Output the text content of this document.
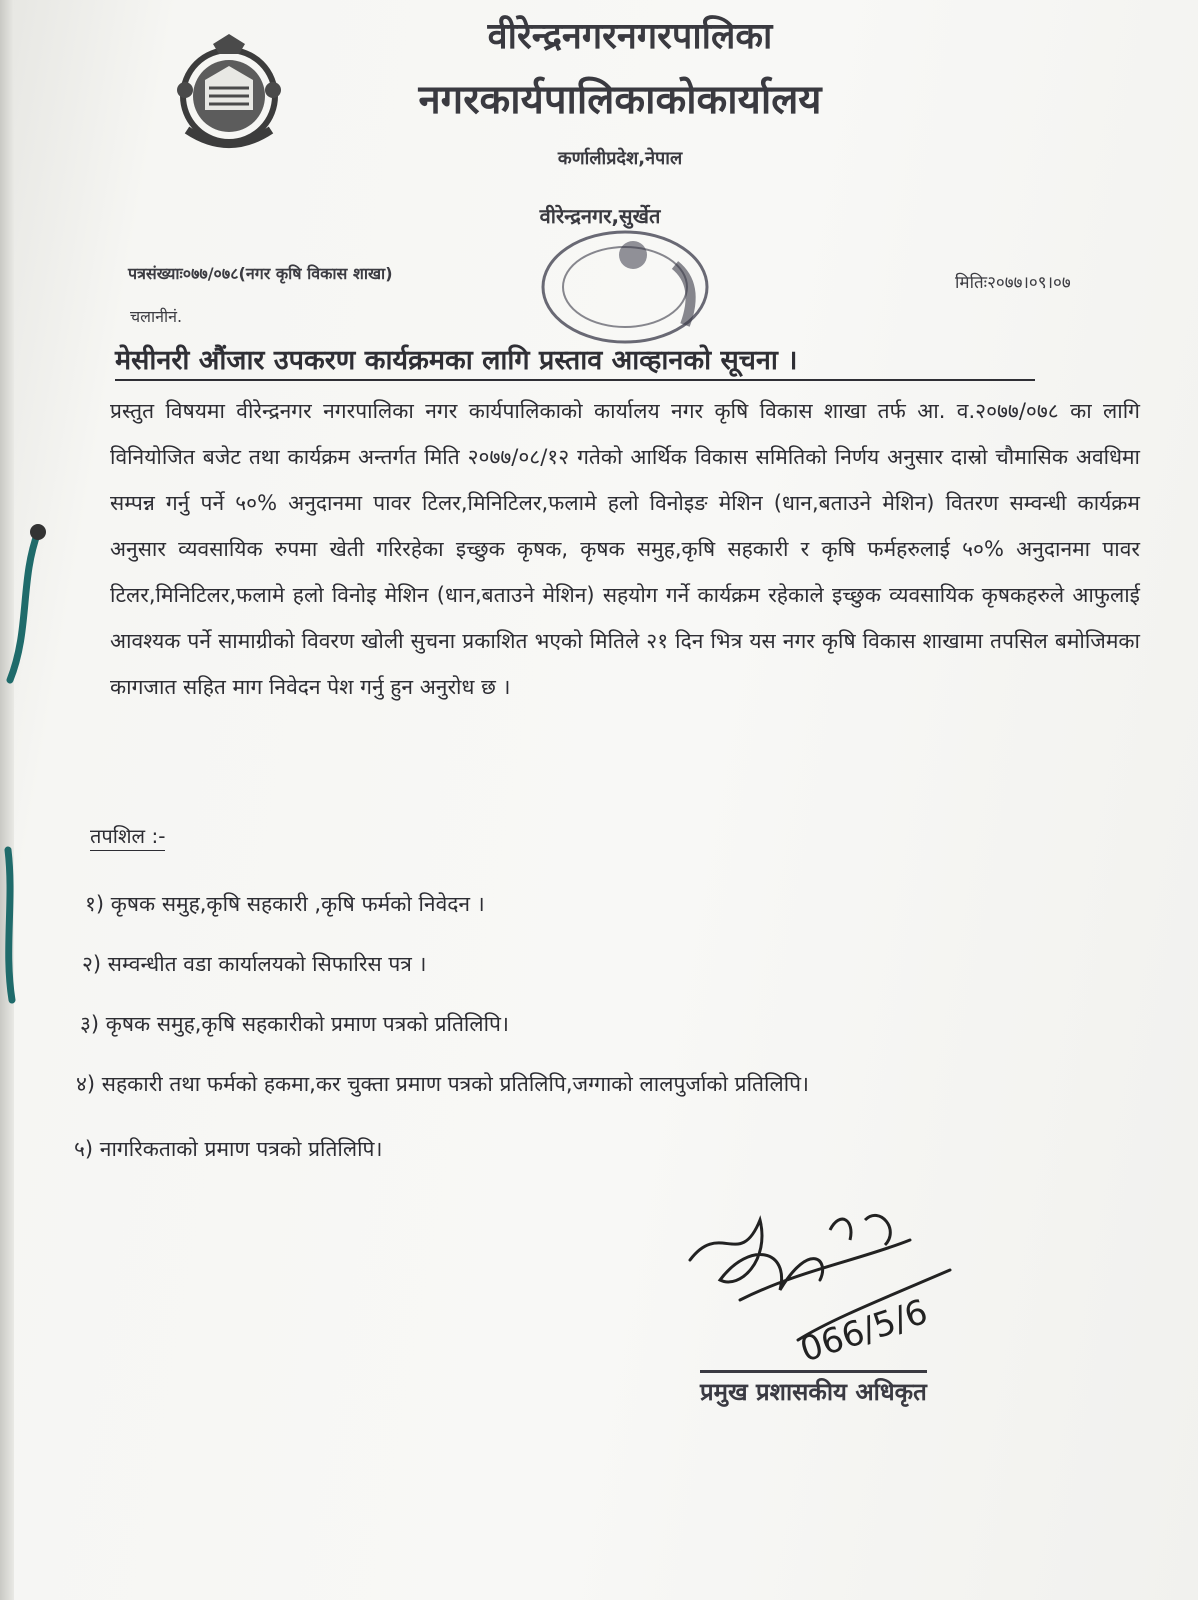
वीरेन्द्रनगरनगरपालिका
नगरकार्यपालिकाकोकार्यालय
कर्णालीप्रदेश,नेपाल
वीरेन्द्रनगर,सुर्खेत
पत्रसंख्याः०७७/०७८(नगर कृषि विकास शाखा)
चलानीनं.
मितिः२०७७।०९।०७
मेसीनरी औंजार उपकरण कार्यक्रमका लागि प्रस्ताव आव्हानको सूचना ।
प्रस्तुत विषयमा वीरेन्द्रनगर नगरपालिका नगर कार्यपालिकाको कार्यालय नगर कृषि विकास शाखा तर्फ आ. व.२०७७/०७८ का लागि विनियोजित बजेट तथा कार्यक्रम अन्तर्गत मिति २०७७/०८/१२ गतेको आर्थिक विकास समितिको निर्णय अनुसार दास्रो चौमासिक अवधिमा सम्पन्न गर्नु पर्ने ५०% अनुदानमा पावर टिलर,मिनिटिलर,फलामे हलो विनोइङ मेशिन (धान,बताउने मेशिन) वितरण सम्वन्धी कार्यक्रम अनुसार व्यवसायिक रुपमा खेती गरिरहेका इच्छुक कृषक, कृषक समुह,कृषि सहकारी र कृषि फर्महरुलाई ५०% अनुदानमा पावर टिलर,मिनिटिलर,फलामे हलो विनोइ मेशिन (धान,बताउने मेशिन) सहयोग गर्ने कार्यक्रम रहेकाले इच्छुक व्यवसायिक कृषकहरुले आफुलाई आवश्यक पर्ने सामाग्रीको विवरण खोली सुचना प्रकाशित भएको मितिले २१ दिन भित्र यस नगर कृषि विकास शाखामा तपसिल बमोजिमका कागजात सहित माग निवेदन पेश गर्नु हुन अनुरोध छ ।
तपशिल :-
१) कृषक समुह,कृषि सहकारी ,कृषि फर्मको निवेदन ।
२) सम्वन्धीत वडा कार्यालयको सिफारिस पत्र ।
३) कृषक समुह,कृषि सहकारीको प्रमाण पत्रको प्रतिलिपि।
४) सहकारी तथा फर्मको हकमा,कर चुक्ता प्रमाण पत्रको प्रतिलिपि,जग्गाको लालपुर्जाको प्रतिलिपि।
५) नागरिकताको प्रमाण पत्रको प्रतिलिपि।
066/5/6
प्रमुख प्रशासकीय अधिकृत
